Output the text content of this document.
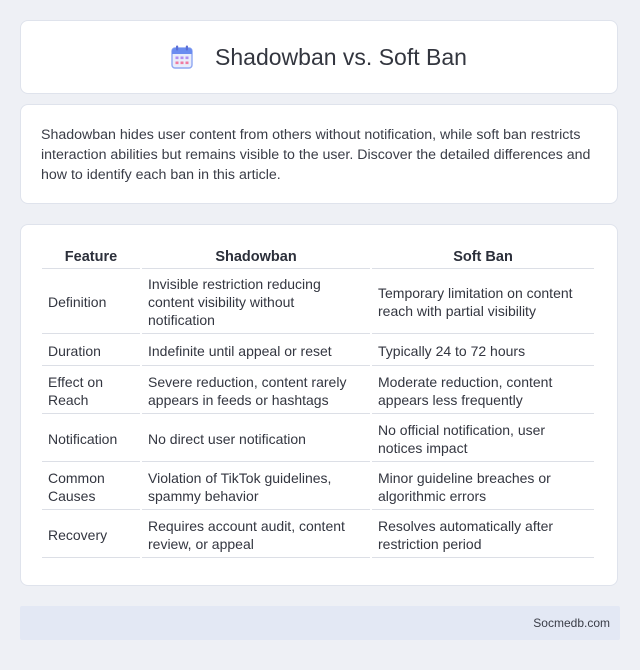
Shadowban vs. Soft Ban

Shadowban hides user content from others without notification, while soft ban restricts interaction abilities but remains visible to the user. Discover the detailed differences and how to identify each ban in this article.

Feature	Shadowban	Soft Ban
Definition	Invisible restriction reducing content visibility without notification	Temporary limitation on content reach with partial visibility
Duration	Indefinite until appeal or reset	Typically 24 to 72 hours
Effect on Reach	Severe reduction, content rarely appears in feeds or hashtags	Moderate reduction, content appears less frequently
Notification	No direct user notification	No official notification, user notices impact
Common Causes	Violation of TikTok guidelines, spammy behavior	Minor guideline breaches or algorithmic errors
Recovery	Requires account audit, content review, or appeal	Resolves automatically after restriction period
Socmedb.com
